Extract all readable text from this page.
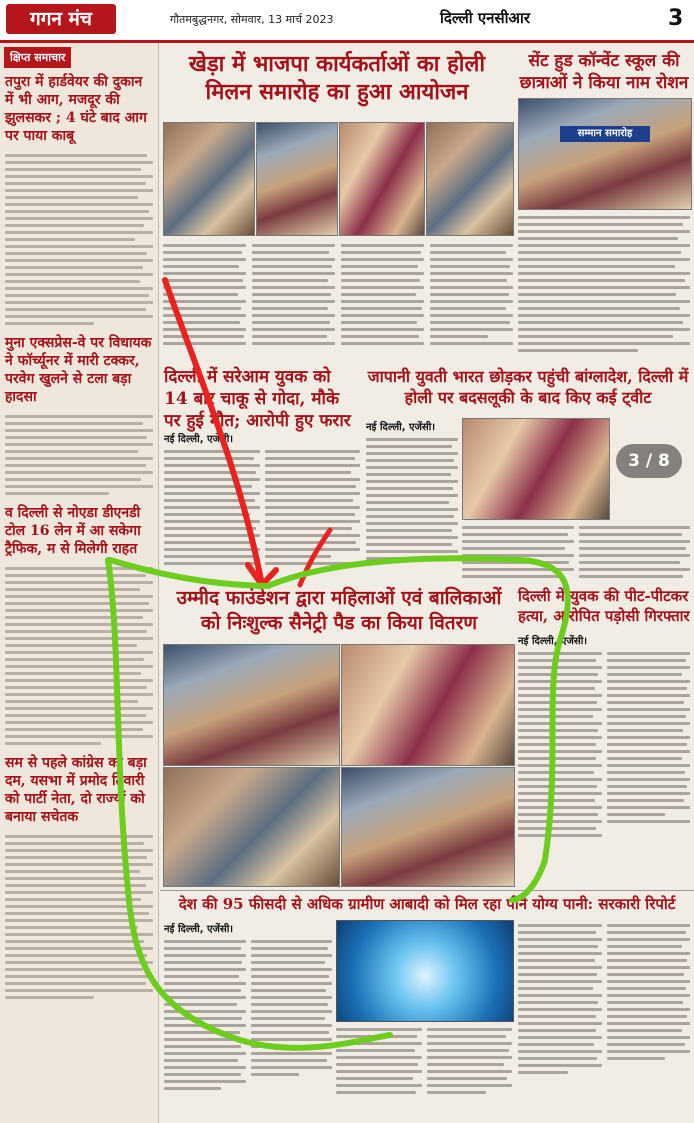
गगन मंच	गौतमबुद्धनगर, सोमवार, 13 मार्च 2023	दिल्ली एनसीआर	3
क्षिप्त समाचार
तपुरा में हार्डवेयर की दुकान में भी आग, मजदूर की झुलसकर ; 4 घंटे बाद आग पर पाया काबू
मुना एक्सप्रेस-वे पर विधायक ने फॉर्च्यूनर में मारी टक्कर, परवेग खुलने से टला बड़ा हादसा
व दिल्ली से नोएडा डीएनडी टोल 16 लेन में आ सकेगा ट्रैफिक, म से मिलेगी राहत
सम से पहले कांग्रेस का बड़ा दम, यसभा में प्रमोद तिवारी को पार्टी नेता, दो राज्यों को बनाया सचेतक
खेड़ा में भाजपा कार्यकर्ताओं का होली मिलन समारोह का हुआ आयोजन
सेंट हुड कॉन्वेंट स्कूल की छात्राओं ने किया नाम रोशन
सम्मान समारोह
दिल्ली में सरेआम युवक को 14 बार चाकू से गोदा, मौके पर हुई मौत; आरोपी हुए फरार
नई दिल्ली, एजेंसी।
जापानी युवती भारत छोड़कर पहुंची बांग्लादेश, दिल्ली में होली पर बदसलूकी के बाद किए कई ट्वीट
नई दिल्ली, एजेंसी।
3 / 8
उम्मीद फाउंडेशन द्वारा महिलाओं एवं बालिकाओं को निःशुल्क सैनेट्री पैड का किया वितरण
दिल्ली में युवक की पीट-पीटकर हत्या, आरोपित पड़ोसी गिरफ्तार
नई दिल्ली, एजेंसी।
देश की 95 फीसदी से अधिक ग्रामीण आबादी को मिल रहा पीने योग्य पानी: सरकारी रिपोर्ट
नई दिल्ली, एजेंसी।
